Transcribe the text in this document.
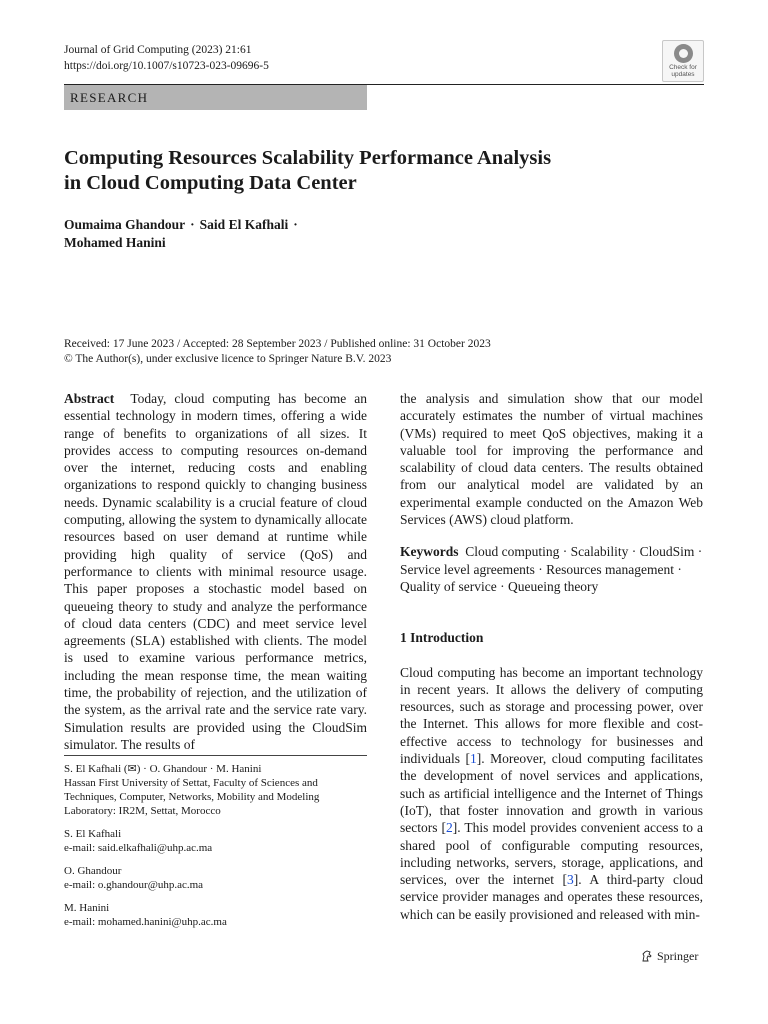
Journal of Grid Computing (2023) 21:61
https://doi.org/10.1007/s10723-023-09696-5	Check for
updates
RESEARCH
Computing Resources Scalability Performance Analysis
in Cloud Computing Data Center
Oumaima Ghandour · Said El Kafhali ·
Mohamed Hanini
Received: 17 June 2023 / Accepted: 28 September 2023 / Published online: 31 October 2023
© The Author(s), under exclusive licence to Springer Nature B.V. 2023

Abstract Today, cloud computing has become an essential technology in modern times, offering a wide range of benefits to organizations of all sizes. It provides access to computing resources on-demand over the internet, reducing costs and enabling organizations to respond quickly to changing business needs. Dynamic scalability is a crucial feature of cloud computing, allowing the system to dynamically allocate resources based on user demand at runtime while providing high quality of service (QoS) and performance to clients with minimal resource usage. This paper proposes a stochastic model based on queueing theory to study and analyze the performance of cloud data centers (CDC) and meet service level agreements (SLA) established with clients. The model is used to examine various performance metrics, including the mean response time, the mean waiting time, the probability of rejection, and the utilization of the system, as the arrival rate and the service rate vary. Simulation results are provided using the CloudSim simulator. The results of

the analysis and simulation show that our model accurately estimates the number of virtual machines (VMs) required to meet QoS objectives, making it a valuable tool for improving the performance and scalability of cloud data centers. The results obtained from our analytical model are validated by an experimental example conducted on the Amazon Web Services (AWS) cloud platform.

Keywords Cloud computing · Scalability · CloudSim · Service level agreements · Resources management · Quality of service · Queueing theory

1 Introduction

Cloud computing has become an important technology in recent years. It allows the delivery of computing resources, such as storage and processing power, over the Internet. This allows for more flexible and cost-effective access to technology for businesses and individuals [1]. Moreover, cloud computing facilitates the development of novel services and applications, such as artificial intelligence and the Internet of Things (IoT), that foster innovation and growth in various sectors [2]. This model provides convenient access to a shared pool of configurable computing resources, including networks, servers, storage, applications, and services, over the internet [3]. A third-party cloud service provider manages and operates these resources, which can be easily provisioned and released with min-

S. El Kafhali (✉) · O. Ghandour · M. Hanini
Hassan First University of Settat, Faculty of Sciences and Techniques, Computer, Networks, Mobility and Modeling Laboratory: IR2M, Settat, Morocco
S. El Kafhali
e-mail: said.elkafhali@uhp.ac.ma
O. Ghandour
e-mail: o.ghandour@uhp.ac.ma
M. Hanini
e-mail: mohamed.hanini@uhp.ac.ma
Springer
